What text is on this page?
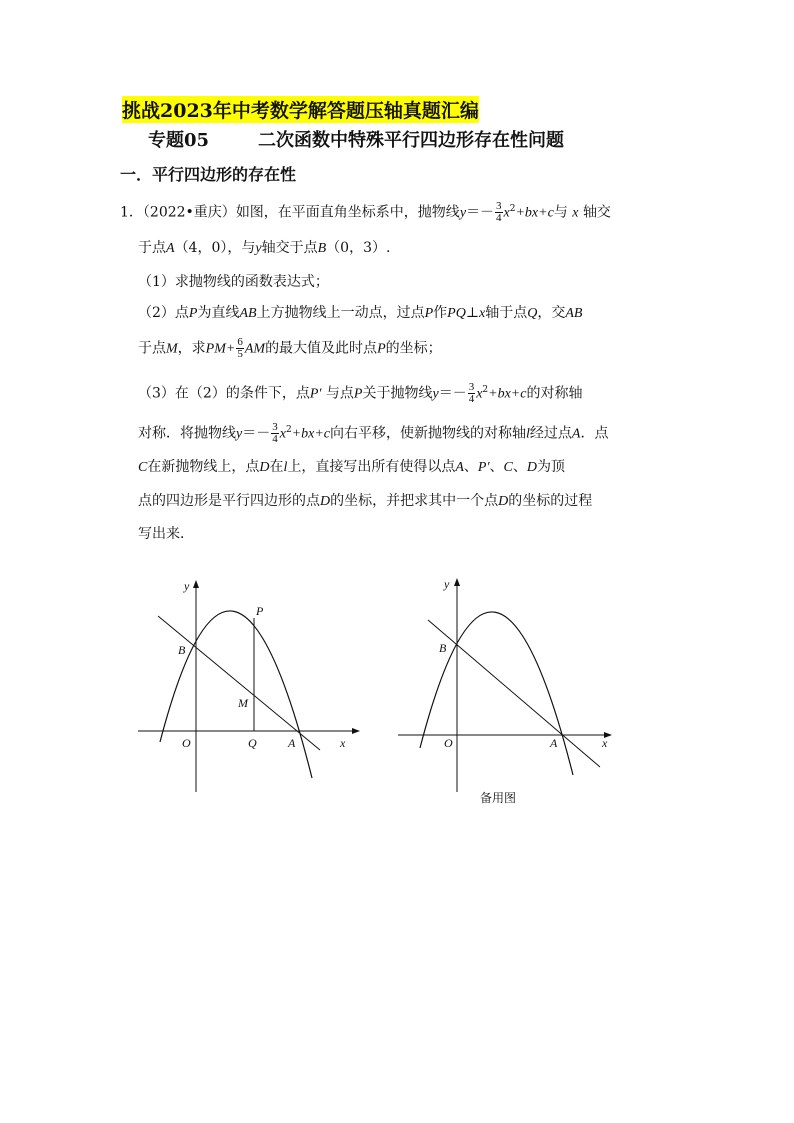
挑战2023年中考数学解答题压轴真题汇编
专题05	二次函数中特殊平行四边形存在性问题
一．平行四边形的存在性
1．（2022•重庆）如图，在平面直角坐标系中，抛物线$y=- \frac{3}{4} x^2+bx+c$与 x 轴交
于点A（4，0），与y轴交于点B（0，3）.
（1）求抛物线的函数表达式；
（2）点P为直线AB上方抛物线上一动点，过点P作PQ⊥x轴于点Q，交AB
于点M，求$PM+ \frac{6}{5}$ AM的最大值及此时点P的坐标；
（3）在（2）的条件下，点P′ 与点P关于抛物线$y=- \frac{3}{4} x^2+bx+c$的对称轴
对称．将抛物线$y=- \frac{3}{4} x^2+bx+c$向右平移，使新抛物线的对称轴l经过点A．点
C在新抛物线上，点D在l上，直接写出所有使得以点A、P′、C、D为顶
点的四边形是平行四边形的点D的坐标，并把求其中一个点D的坐标的过程
写出来．
y
x
O	A
B
P
M
Q
y
x
O	A
B
备用图
